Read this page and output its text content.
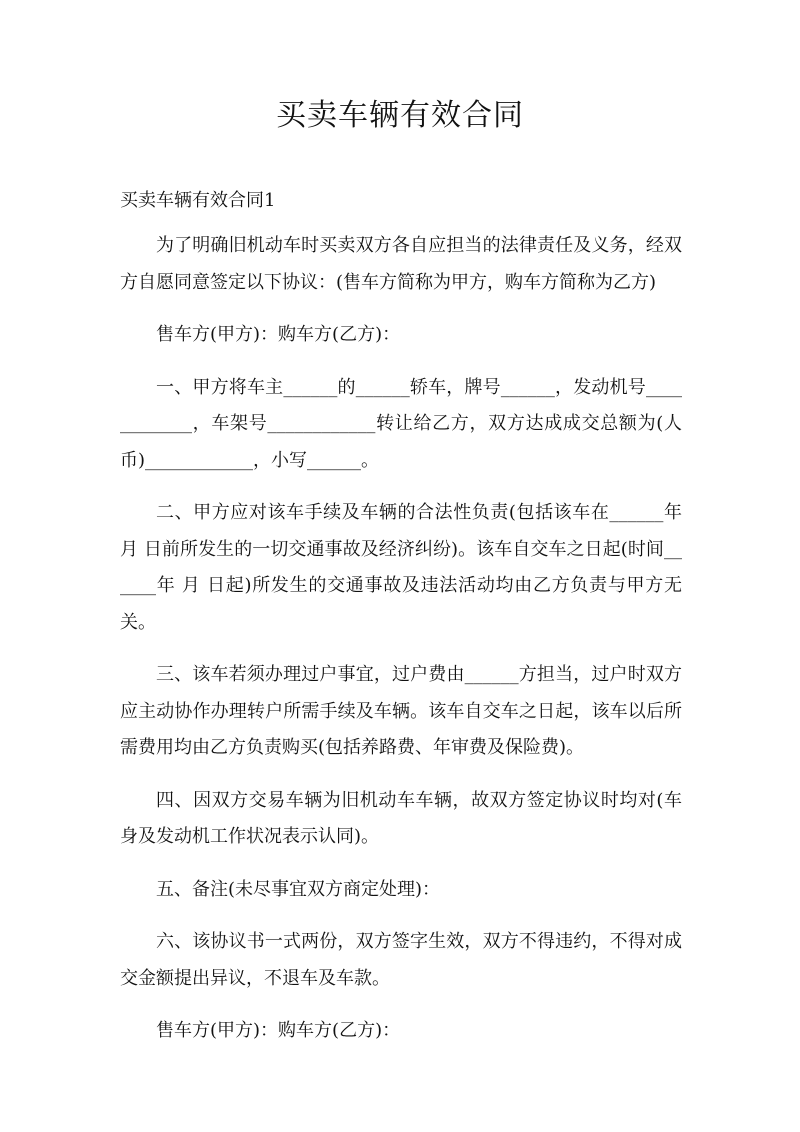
买卖车辆有效合同

买卖车辆有效合同1

为了明确旧机动车时买卖双方各自应担当的法律责任及义务，经双方自愿同意签定以下协议：(售车方简称为甲方，购车方简称为乙方)

售车方(甲方)：购车方(乙方)：

一、甲方将车主______的______轿车，牌号______，发动机号____________，车架号____________转让给乙方，双方达成成交总额为(人币)____________，小写______。

二、甲方应对该车手续及车辆的合法性负责(包括该车在______年 月 日前所发生的一切交通事故及经济纠纷)。该车自交车之日起(时间______年 月 日起)所发生的交通事故及违法活动均由乙方负责与甲方无关。

三、该车若须办理过户事宜，过户费由______方担当，过户时双方应主动协作办理转户所需手续及车辆。该车自交车之日起，该车以后所需费用均由乙方负责购买(包括养路费、年审费及保险费)。

四、因双方交易车辆为旧机动车车辆，故双方签定协议时均对(车身及发动机工作状况表示认同)。

五、备注(未尽事宜双方商定处理)：

六、该协议书一式两份，双方签字生效，双方不得违约，不得对成交金额提出异议，不退车及车款。

售车方(甲方)：购车方(乙方)：
